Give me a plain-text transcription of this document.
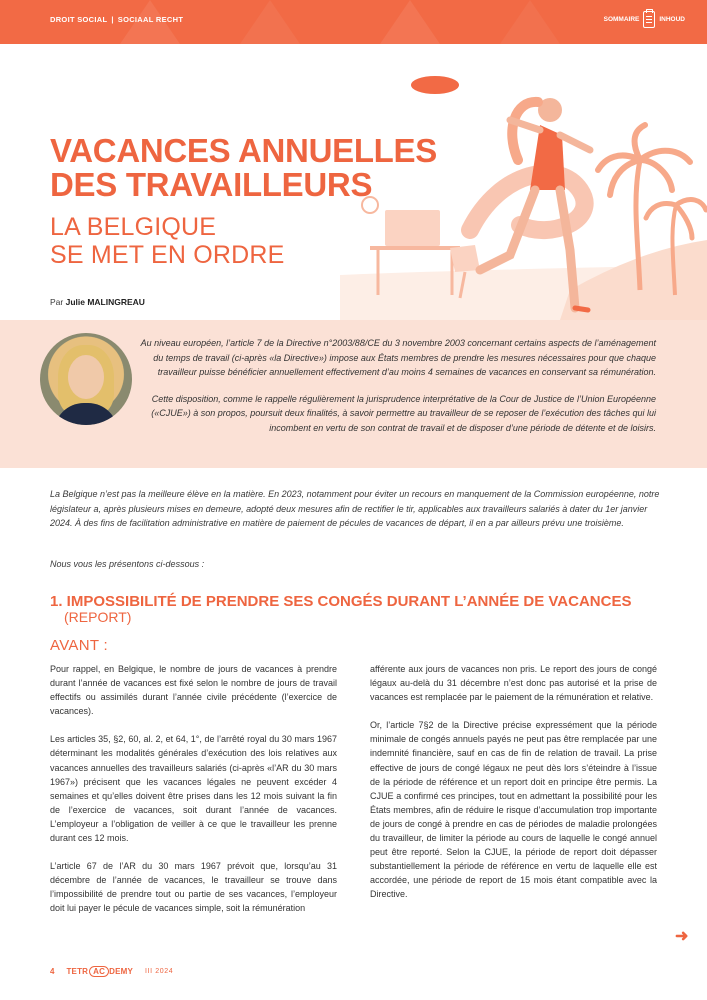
DROIT SOCIAL | SOCIAAL RECHT	SOMMAIRE	INHOUD
VACANCES ANNUELLES
DES TRAVAILLEURS
LA BELGIQUE
SE MET EN ORDRE
Par Julie MALINGREAU

Au niveau européen, l’article 7 de la Directive n°2003/88/CE du 3 novembre 2003 concernant certains aspects de l’aménagement du temps de travail (ci-après «la Directive») impose aux États membres de prendre les mesures nécessaires pour que chaque travailleur puisse bénéficier annuellement effectivement d’au moins 4 semaines de vacances en conservant sa rémunération.

Cette disposition, comme le rappelle régulièrement la jurisprudence interprétative de la Cour de Justice de l’Union Européenne («CJUE») à son propos, poursuit deux finalités, à savoir permettre au travailleur de se reposer de l’exécution des tâches qui lui incombent en vertu de son contrat de travail et de disposer d’une période de détente et de loisirs.

La Belgique n’est pas la meilleure élève en la matière. En 2023, notamment pour éviter un recours en manquement de la Commission européenne, notre législateur a, après plusieurs mises en demeure, adopté deux mesures afin de rectifier le tir, applicables aux travailleurs salariés à dater du 1er janvier 2024. À des fins de facilitation administrative en matière de paiement de pécules de vacances de départ, il en a par ailleurs prévu une troisième.
Nous vous les présentons ci-dessous :
1. IMPOSSIBILITÉ DE PRENDRE SES CONGÉS DURANT L’ANNÉE DE VACANCES
(REPORT)
AVANT :

Pour rappel, en Belgique, le nombre de jours de vacances à prendre durant l’année de vacances est fixé selon le nombre de jours de travail effectifs ou assimilés durant l’année civile précédente (l’exercice de vacances).

Les articles 35, §2, 60, al. 2, et 64, 1°, de l’arrêté royal du 30 mars 1967 déterminant les modalités générales d’exécution des lois relatives aux vacances annuelles des travailleurs salariés (ci-après «l’AR du 30 mars 1967») précisent que les vacances légales ne peuvent excéder 4 semaines et qu’elles doivent être prises dans les 12 mois suivant la fin de l’exercice de vacances, soit durant l’année de vacances. L’employeur a l’obligation de veiller à ce que le travailleur les prenne durant ces 12 mois.

L’article 67 de l’AR du 30 mars 1967 prévoit que, lorsqu’au 31 décembre de l’année de vacances, le travailleur se trouve dans l’impossibilité de prendre tout ou partie de ses vacances, l’employeur doit lui payer le pécule de vacances simple, soit la rémunération

afférente aux jours de vacances non pris. Le report des jours de congé légaux au-delà du 31 décembre n’est donc pas autorisé et la prise de vacances est remplacée par le paiement de la rémunération et relative.

Or, l’article 7§2 de la Directive précise expressément que la période minimale de congés annuels payés ne peut pas être remplacée par une indemnité financière, sauf en cas de fin de relation de travail. La prise effective de jours de congé légaux ne peut dès lors s’éteindre à l’issue de la période de référence et un report doit en principe être permis. La CJUE a confirmé ces principes, tout en admettant la possibilité pour les États membres, afin de réduire le risque d’accumulation trop importante de jours de congé à prendre en cas de périodes de maladie prolongées du travailleur, de limiter la période au cours de laquelle le congé annuel peut être reporté. Selon la CJUE, la période de report doit dépasser substantiellement la période de référence en vertu de laquelle elle est accordée, une période de report de 15 mois étant compatible avec la Directive.

➜
4 TETR AC DEMY III 2024
